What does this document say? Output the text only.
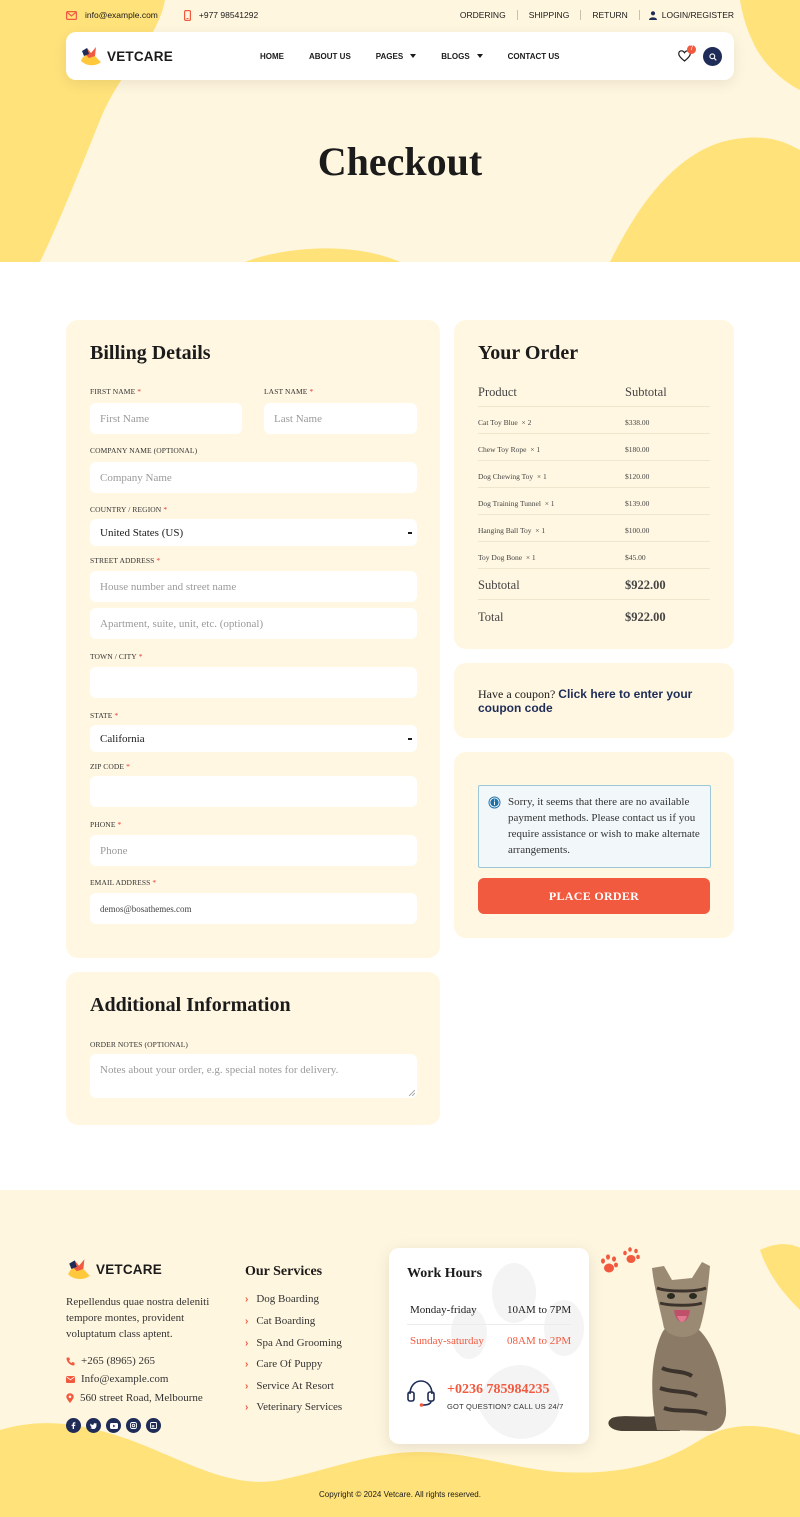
info@example.com	+977 98541292	ORDERING	SHIPPING	RETURN	LOGIN/REGISTER
VETCARE	HOME	ABOUT US	PAGES	BLOGS	CONTACT US
7
Checkout
Billing Details
FIRST NAME *
First Name
LAST NAME *
Last Name
COMPANY NAME (OPTIONAL)
Company Name
COUNTRY / REGION *
United States (US)
STREET ADDRESS *
House number and street name
Apartment, suite, unit, etc. (optional)
TOWN / CITY *
STATE *
California
ZIP CODE *
PHONE *
Phone
EMAIL ADDRESS *
demos@bosathemes.com
Additional Information
ORDER NOTES (OPTIONAL)
Notes about your order, e.g. special notes for delivery.
Your Order
Product	Subtotal
Cat Toy Blue × 2	$338.00
Chew Toy Rope × 1	$180.00
Dog Chewing Toy × 1	$120.00
Dog Training Tunnel × 1	$139.00
Hanging Ball Toy × 1	$100.00
Toy Dog Bone × 1	$45.00
Subtotal	$922.00
Total	$922.00
Have a coupon? Click here to enter your coupon code
Sorry, it seems that there are no available payment methods. Please contact us if you require assistance or wish to make alternate arrangements.
PLACE ORDER
VETCARE
Repellendus quae nostra deleniti tempore montes, provident voluptatum class aptent.
+265 (8965) 265
Info@example.com
560 street Road, Melbourne
Our Services
› Dog Boarding
› Cat Boarding
› Spa And Grooming
› Care Of Puppy
› Service At Resort
› Veterinary Services
Work Hours
Monday-friday	10AM to 7PM
Sunday-saturday 08AM to 2PM
+0236 785984235
GOT QUESTION? CALL US 24/7
Copyright © 2024 Vetcare. All rights reserved.
